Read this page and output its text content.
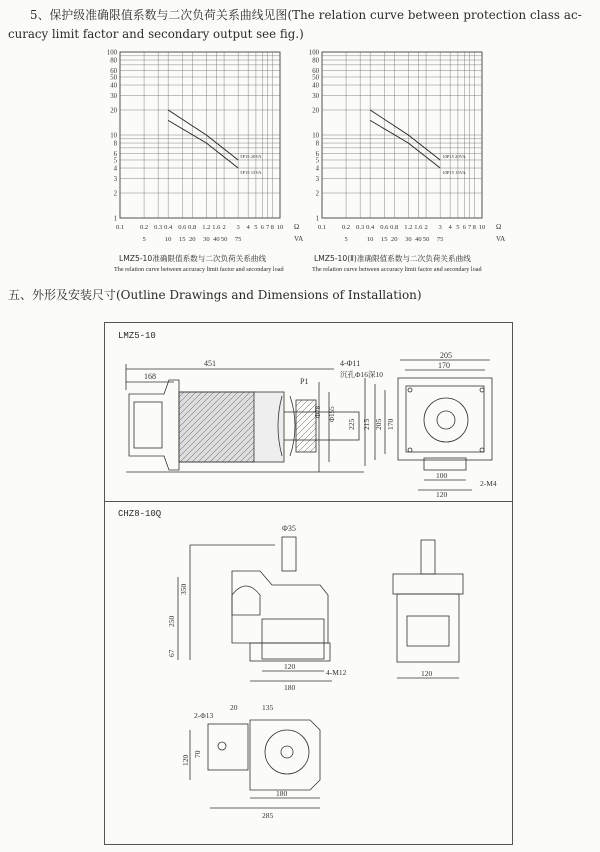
5、保护级准确限值系数与二次负荷关系曲线见图(The relation curve between protection class ac-

curacy limit factor and secondary output see fig.)

100
80
60
50
40
30
20
10
8
6
5
4
3
2
1
0.1 0.2 0.3 0.4 0.6 0.8 1.2 1.6 2 3 4 5 6 7 8 10 Ω
5	10 15 20 30 40 50 75	VA
5P15 20VA
5P15 15VA
100
80
60
50
40
30
20
10
8
6
5
4
3
2
1
0.1 0.2 0.3 0.4 0.6 0.8 1.2 1.6 2 3 4 5 6 7 8 10 Ω
5	10 15 20 30 40 50 75	VA
10P15 20VA
10P15 15VA
LMZ5-10准确限值系数与二次负荷关系曲线
The relation curve between accuracy limit factor and secondary load
LMZ5-10(Ⅱ)准确限值系数与二次负荷关系曲线
The relation curve between accuracy limit factor and secondary load

五、外形及安装尺寸(Outline Drawings and Dimensions of Installation)

LMZ5-10
CHZ8-10Q
168
451
P1
Φ78 Φ155
205
170
4-Φ11
沉孔Φ16深10
225 215 205 170
100
120
2-M4
Φ35
350
250
67
120
180
4-M12	120
2-Φ13
20	135
120
70
180
285
